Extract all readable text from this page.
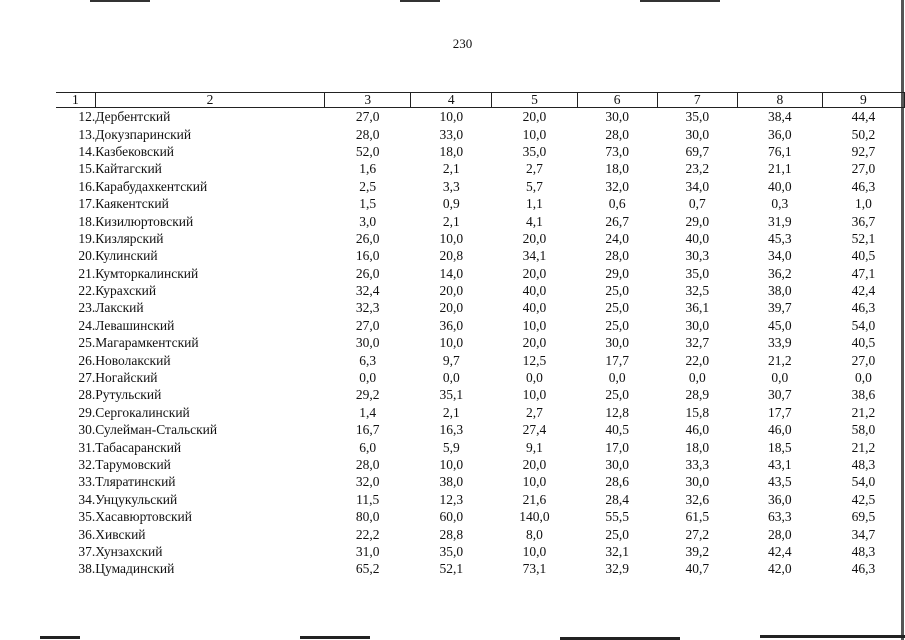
230
1	2	3	4	5	6	7	8	9
12.	Дербентский	27,0	10,0	20,0	30,0	35,0	38,4	44,4
13.	Докузпаринский	28,0	33,0	10,0	28,0	30,0	36,0	50,2
14.	Казбековский	52,0	18,0	35,0	73,0	69,7	76,1	92,7
15.	Кайтагский	1,6	2,1	2,7	18,0	23,2	21,1	27,0
16.	Карабудахкентский	2,5	3,3	5,7	32,0	34,0	40,0	46,3
17.	Каякентский	1,5	0,9	1,1	0,6	0,7	0,3	1,0
18.	Кизилюртовский	3,0	2,1	4,1	26,7	29,0	31,9	36,7
19.	Кизлярский	26,0	10,0	20,0	24,0	40,0	45,3	52,1
20.	Кулинский	16,0	20,8	34,1	28,0	30,3	34,0	40,5
21.	Кумторкалинский	26,0	14,0	20,0	29,0	35,0	36,2	47,1
22.	Курахский	32,4	20,0	40,0	25,0	32,5	38,0	42,4
23.	Лакский	32,3	20,0	40,0	25,0	36,1	39,7	46,3
24.	Левашинский	27,0	36,0	10,0	25,0	30,0	45,0	54,0
25.	Магарамкентский	30,0	10,0	20,0	30,0	32,7	33,9	40,5
26.	Новолакский	6,3	9,7	12,5	17,7	22,0	21,2	27,0
27.	Ногайский	0,0	0,0	0,0	0,0	0,0	0,0	0,0
28.	Рутульский	29,2	35,1	10,0	25,0	28,9	30,7	38,6
29.	Сергокалинский	1,4	2,1	2,7	12,8	15,8	17,7	21,2
30.	Сулейман-Стальский	16,7	16,3	27,4	40,5	46,0	46,0	58,0
31.	Табасаранский	6,0	5,9	9,1	17,0	18,0	18,5	21,2
32.	Тарумовский	28,0	10,0	20,0	30,0	33,3	43,1	48,3
33.	Тляратинский	32,0	38,0	10,0	28,6	30,0	43,5	54,0
34.	Унцукульский	11,5	12,3	21,6	28,4	32,6	36,0	42,5
35.	Хасавюртовский	80,0	60,0	140,0	55,5	61,5	63,3	69,5
36.	Хивский	22,2	28,8	8,0	25,0	27,2	28,0	34,7
37.	Хунзахский	31,0	35,0	10,0	32,1	39,2	42,4	48,3
38.	Цумадинский	65,2	52,1	73,1	32,9	40,7	42,0	46,3
